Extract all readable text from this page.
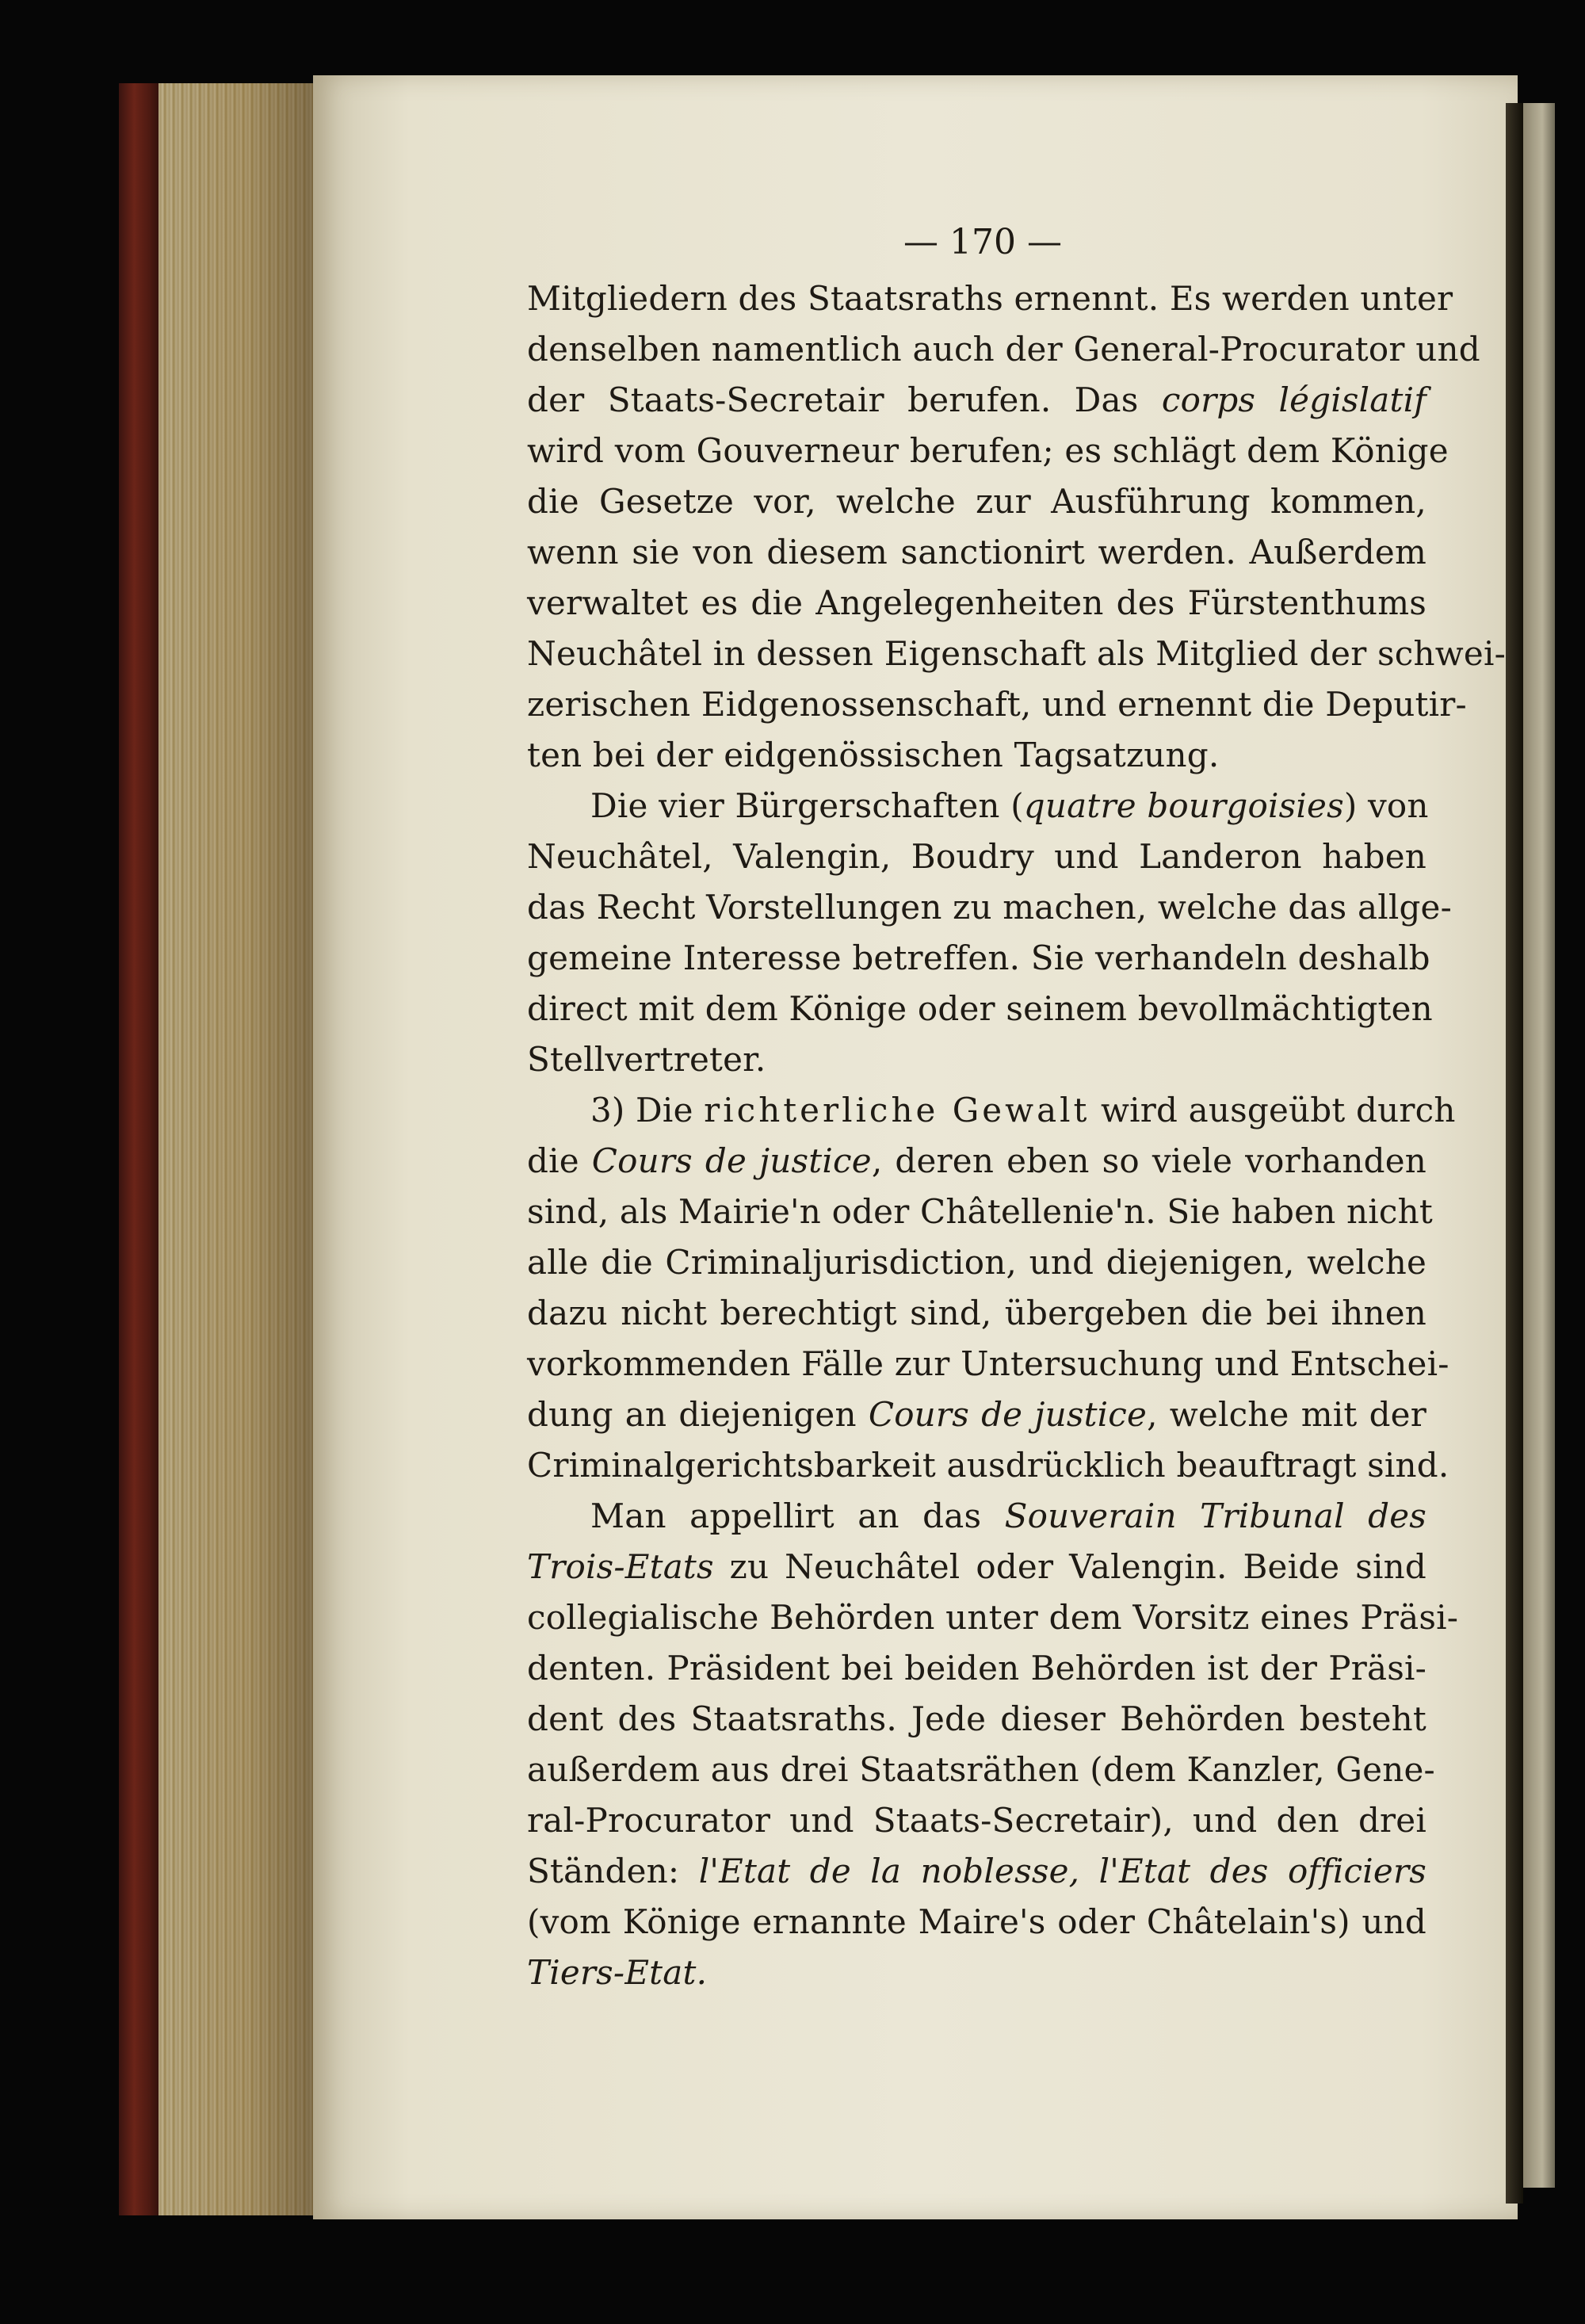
— 170 —
Mitgliedern des Staatsraths ernennt. Es werden unter
denselben namentlich auch der General-Procurator und
der Staats-Secretair berufen. Das corps législatif
wird vom Gouverneur berufen; es schlägt dem Könige
die Gesetze vor, welche zur Ausführung kommen,
wenn sie von diesem sanctionirt werden. Außerdem
verwaltet es die Angelegenheiten des Fürstenthums
Neuchâtel in dessen Eigenschaft als Mitglied der schwei-
zerischen Eidgenossenschaft, und ernennt die Deputir-
ten bei der eidgenössischen Tagsatzung.
Die vier Bürgerschaften (quatre bourgoisies) von
Neuchâtel, Valengin, Boudry und Landeron haben
das Recht Vorstellungen zu machen, welche das allge-
gemeine Interesse betreffen. Sie verhandeln deshalb
direct mit dem Könige oder seinem bevollmächtigten
Stellvertreter.
3) Die richterliche Gewalt wird ausgeübt durch
die Cours de justice, deren eben so viele vorhanden
sind, als Mairie'n oder Châtellenie'n. Sie haben nicht
alle die Criminaljurisdiction, und diejenigen, welche
dazu nicht berechtigt sind, übergeben die bei ihnen
vorkommenden Fälle zur Untersuchung und Entschei-
dung an diejenigen Cours de justice, welche mit der
Criminalgerichtsbarkeit ausdrücklich beauftragt sind.
Man appellirt an das Souverain Tribunal des
Trois-Etats zu Neuchâtel oder Valengin. Beide sind
collegialische Behörden unter dem Vorsitz eines Präsi-
denten. Präsident bei beiden Behörden ist der Präsi-
dent des Staatsraths. Jede dieser Behörden besteht
außerdem aus drei Staatsräthen (dem Kanzler, Gene-
ral-Procurator und Staats-Secretair), und den drei
Ständen: l'Etat de la noblesse, l'Etat des officiers
(vom Könige ernannte Maire's oder Châtelain's) und
Tiers-Etat.
